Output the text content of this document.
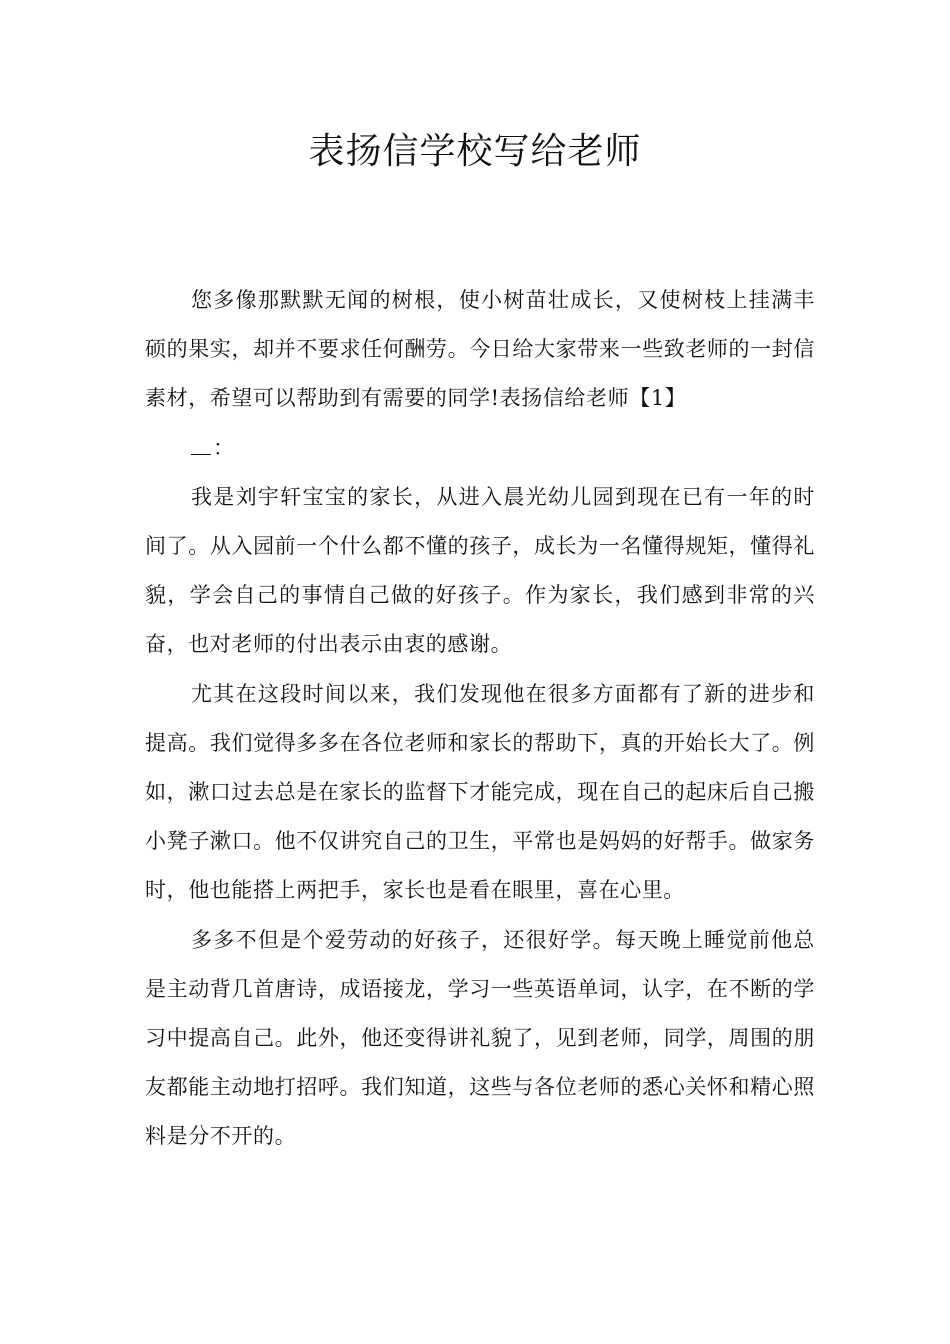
表扬信学校写给老师

您多像那默默无闻的树根，使小树苗壮成长，又使树枝上挂满丰硕的果实，却并不要求任何酬劳。今日给大家带来一些致老师的一封信素材，希望可以帮助到有需要的同学!表扬信给老师【1】

：

我是刘宇轩宝宝的家长，从进入晨光幼儿园到现在已有一年的时间了。从入园前一个什么都不懂的孩子，成长为一名懂得规矩，懂得礼貌，学会自己的事情自己做的好孩子。作为家长，我们感到非常的兴奋，也对老师的付出表示由衷的感谢。

尤其在这段时间以来，我们发现他在很多方面都有了新的进步和提高。我们觉得多多在各位老师和家长的帮助下，真的开始长大了。例如，漱口过去总是在家长的监督下才能完成，现在自己的起床后自己搬小凳子漱口。他不仅讲究自己的卫生，平常也是妈妈的好帮手。做家务时，他也能搭上两把手，家长也是看在眼里，喜在心里。

多多不但是个爱劳动的好孩子，还很好学。每天晚上睡觉前他总是主动背几首唐诗，成语接龙，学习一些英语单词，认字，在不断的学习中提高自己。此外，他还变得讲礼貌了，见到老师，同学，周围的朋友都能主动地打招呼。我们知道，这些与各位老师的悉心关怀和精心照料是分不开的。
